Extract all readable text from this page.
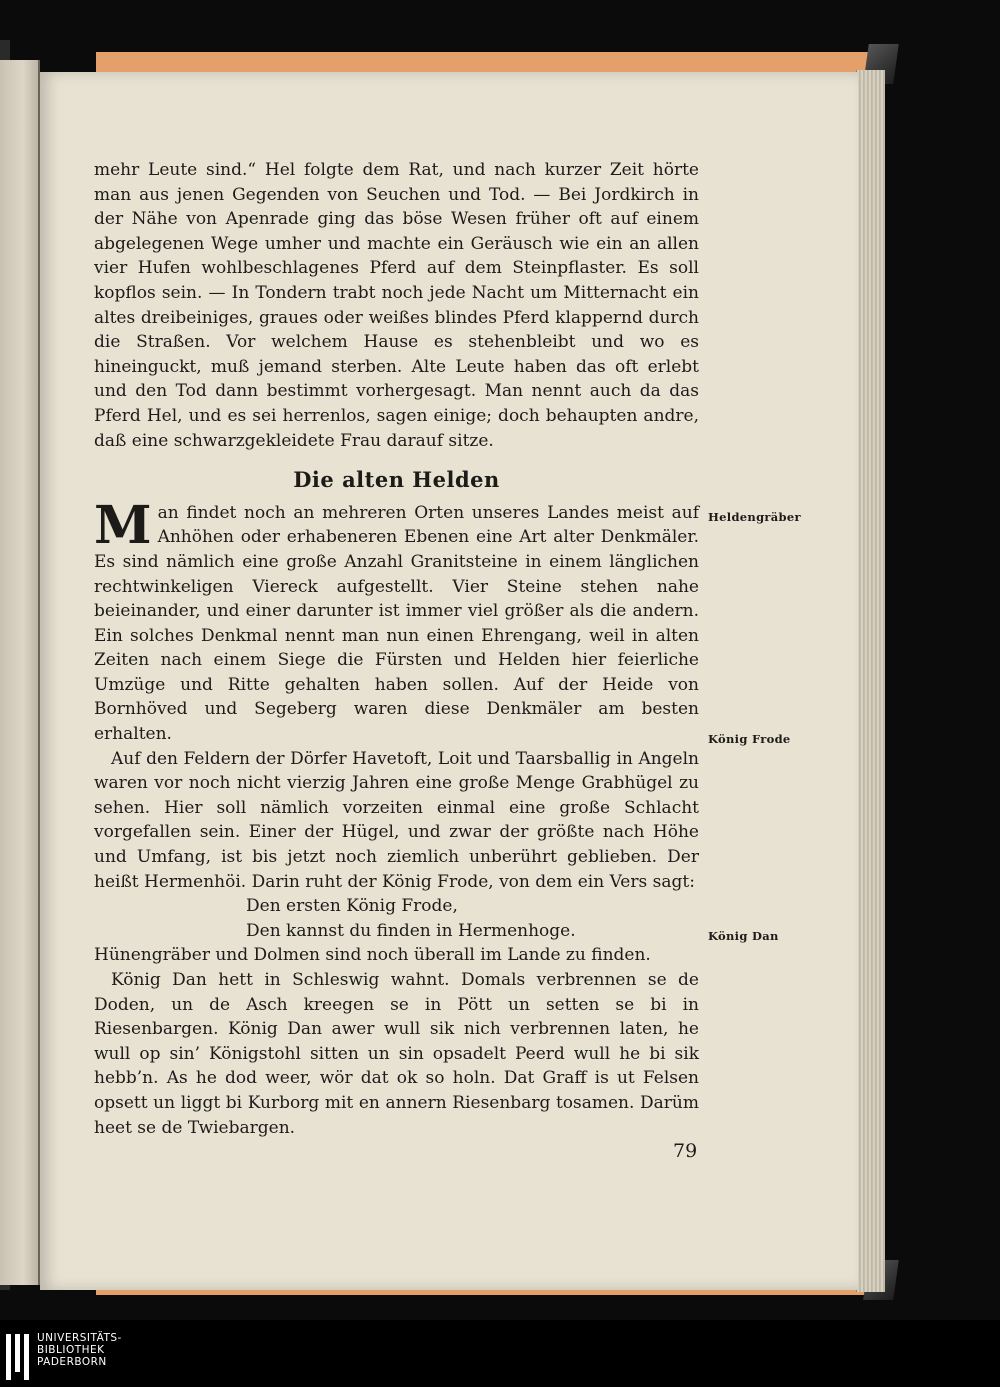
mehr Leute sind.“ Hel folgte dem Rat, und nach kurzer Zeit hörte man aus jenen Gegenden von Seuchen und Tod. — Bei Jordkirch in der Nähe von Apenrade ging das böse Wesen früher oft auf einem abgelegenen Wege umher und machte ein Geräusch wie ein an allen vier Hufen wohlbeschlagenes Pferd auf dem Steinpflaster. Es soll kopflos sein. — In Tondern trabt noch jede Nacht um Mitternacht ein altes dreibeiniges, graues oder weißes blindes Pferd klappernd durch die Straßen. Vor welchem Hause es stehenbleibt und wo es hineinguckt, muß jemand sterben. Alte Leute haben das oft erlebt und den Tod dann bestimmt vorhergesagt. Man nennt auch da das Pferd Hel, und es sei herrenlos, sagen einige; doch behaupten andre, daß eine schwarzgekleidete Frau darauf sitze.

Die alten Helden

Man findet noch an mehreren Orten unseres Landes meist auf Anhöhen oder erhabeneren Ebenen eine Art alter Denkmäler. Es sind nämlich eine große Anzahl Granitsteine in einem länglichen rechtwinkeligen Viereck aufgestellt. Vier Steine stehen nahe beieinander, und einer darunter ist immer viel größer als die andern. Ein solches Denkmal nennt man nun einen Ehrengang, weil in alten Zeiten nach einem Siege die Fürsten und Helden hier feierliche Umzüge und Ritte gehalten haben sollen. Auf der Heide von Bornhöved und Segeberg waren diese Denkmäler am besten erhalten.

Auf den Feldern der Dörfer Havetoft, Loit und Taarsballig in Angeln waren vor noch nicht vierzig Jahren eine große Menge Grabhügel zu sehen. Hier soll nämlich vorzeiten einmal eine große Schlacht vorgefallen sein. Einer der Hügel, und zwar der größte nach Höhe und Umfang, ist bis jetzt noch ziemlich unberührt geblieben. Der heißt Hermenhöi. Darin ruht der König Frode, von dem ein Vers sagt:

Den ersten König Frode,

Den kannst du finden in Hermenhoge.

Hünengräber und Dolmen sind noch überall im Lande zu finden.

König Dan hett in Schleswig wahnt. Domals verbrennen se de Doden, un de Asch kreegen se in Pött un setten se bi in Riesenbargen. König Dan awer wull sik nich verbrennen laten, he wull op sin’ Königstohl sitten un sin opsadelt Peerd wull he bi sik hebb’n. As he dod weer, wör dat ok so holn. Dat Graff is ut Felsen opsett un liggt bi Kurborg mit en annern Riesenbarg tosamen. Darüm heet se de Twiebargen.

Heldengräber
König Frode
König Dan
79
UNIVERSITÄTS-
BIBLIOTHEK
PADERBORN
